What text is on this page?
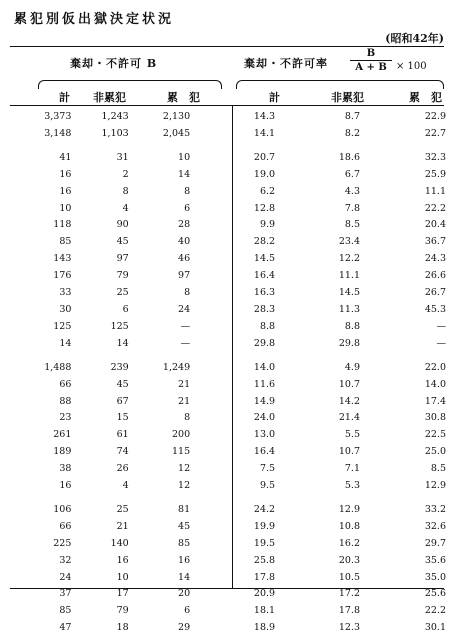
累犯別仮出獄決定状況
(昭和42年)
棄却・不許可 B	棄却・不許可率 $\frac{B}{A + B} \times 100$
計	非累犯	累　犯	計	非累犯	累　犯
3,373	1,243	2,130	14.3	8.7	22.9
3,148	1,103	2,045	14.1	8.2	22.7
41	31	10	20.7	18.6	32.3
16	2	14	19.0	6.7	25.9
16	8	8	6.2	4.3	11.1
10	4	6	12.8	7.8	22.2
118	90	28	9.9	8.5	20.4
85	45	40	28.2	23.4	36.7
143	97	46	14.5	12.2	24.3
176	79	97	16.4	11.1	26.6
33	25	8	16.3	14.5	26.7
30	6	24	28.3	11.3	45.3
125	125	—	8.8	8.8	—
14	14	—	29.8	29.8	—
1,488	239	1,249	14.0	4.9	22.0
66	45	21	11.6	10.7	14.0
88	67	21	14.9	14.2	17.4
23	15	8	24.0	21.4	30.8
261	61	200	13.0	5.5	22.5
189	74	115	16.4	10.7	25.0
38	26	12	7.5	7.1	8.5
16	4	12	9.5	5.3	12.9
106	25	81	24.2	12.9	33.2
66	21	45	19.9	10.8	32.6
225	140	85	19.5	16.2	29.7
32	16	16	25.8	20.3	35.6
24	10	14	17.8	10.5	35.0
37	17	20	20.9	17.2	25.6
85	79	6	18.1	17.8	22.2
47	18	29	18.9	12.3	30.1
